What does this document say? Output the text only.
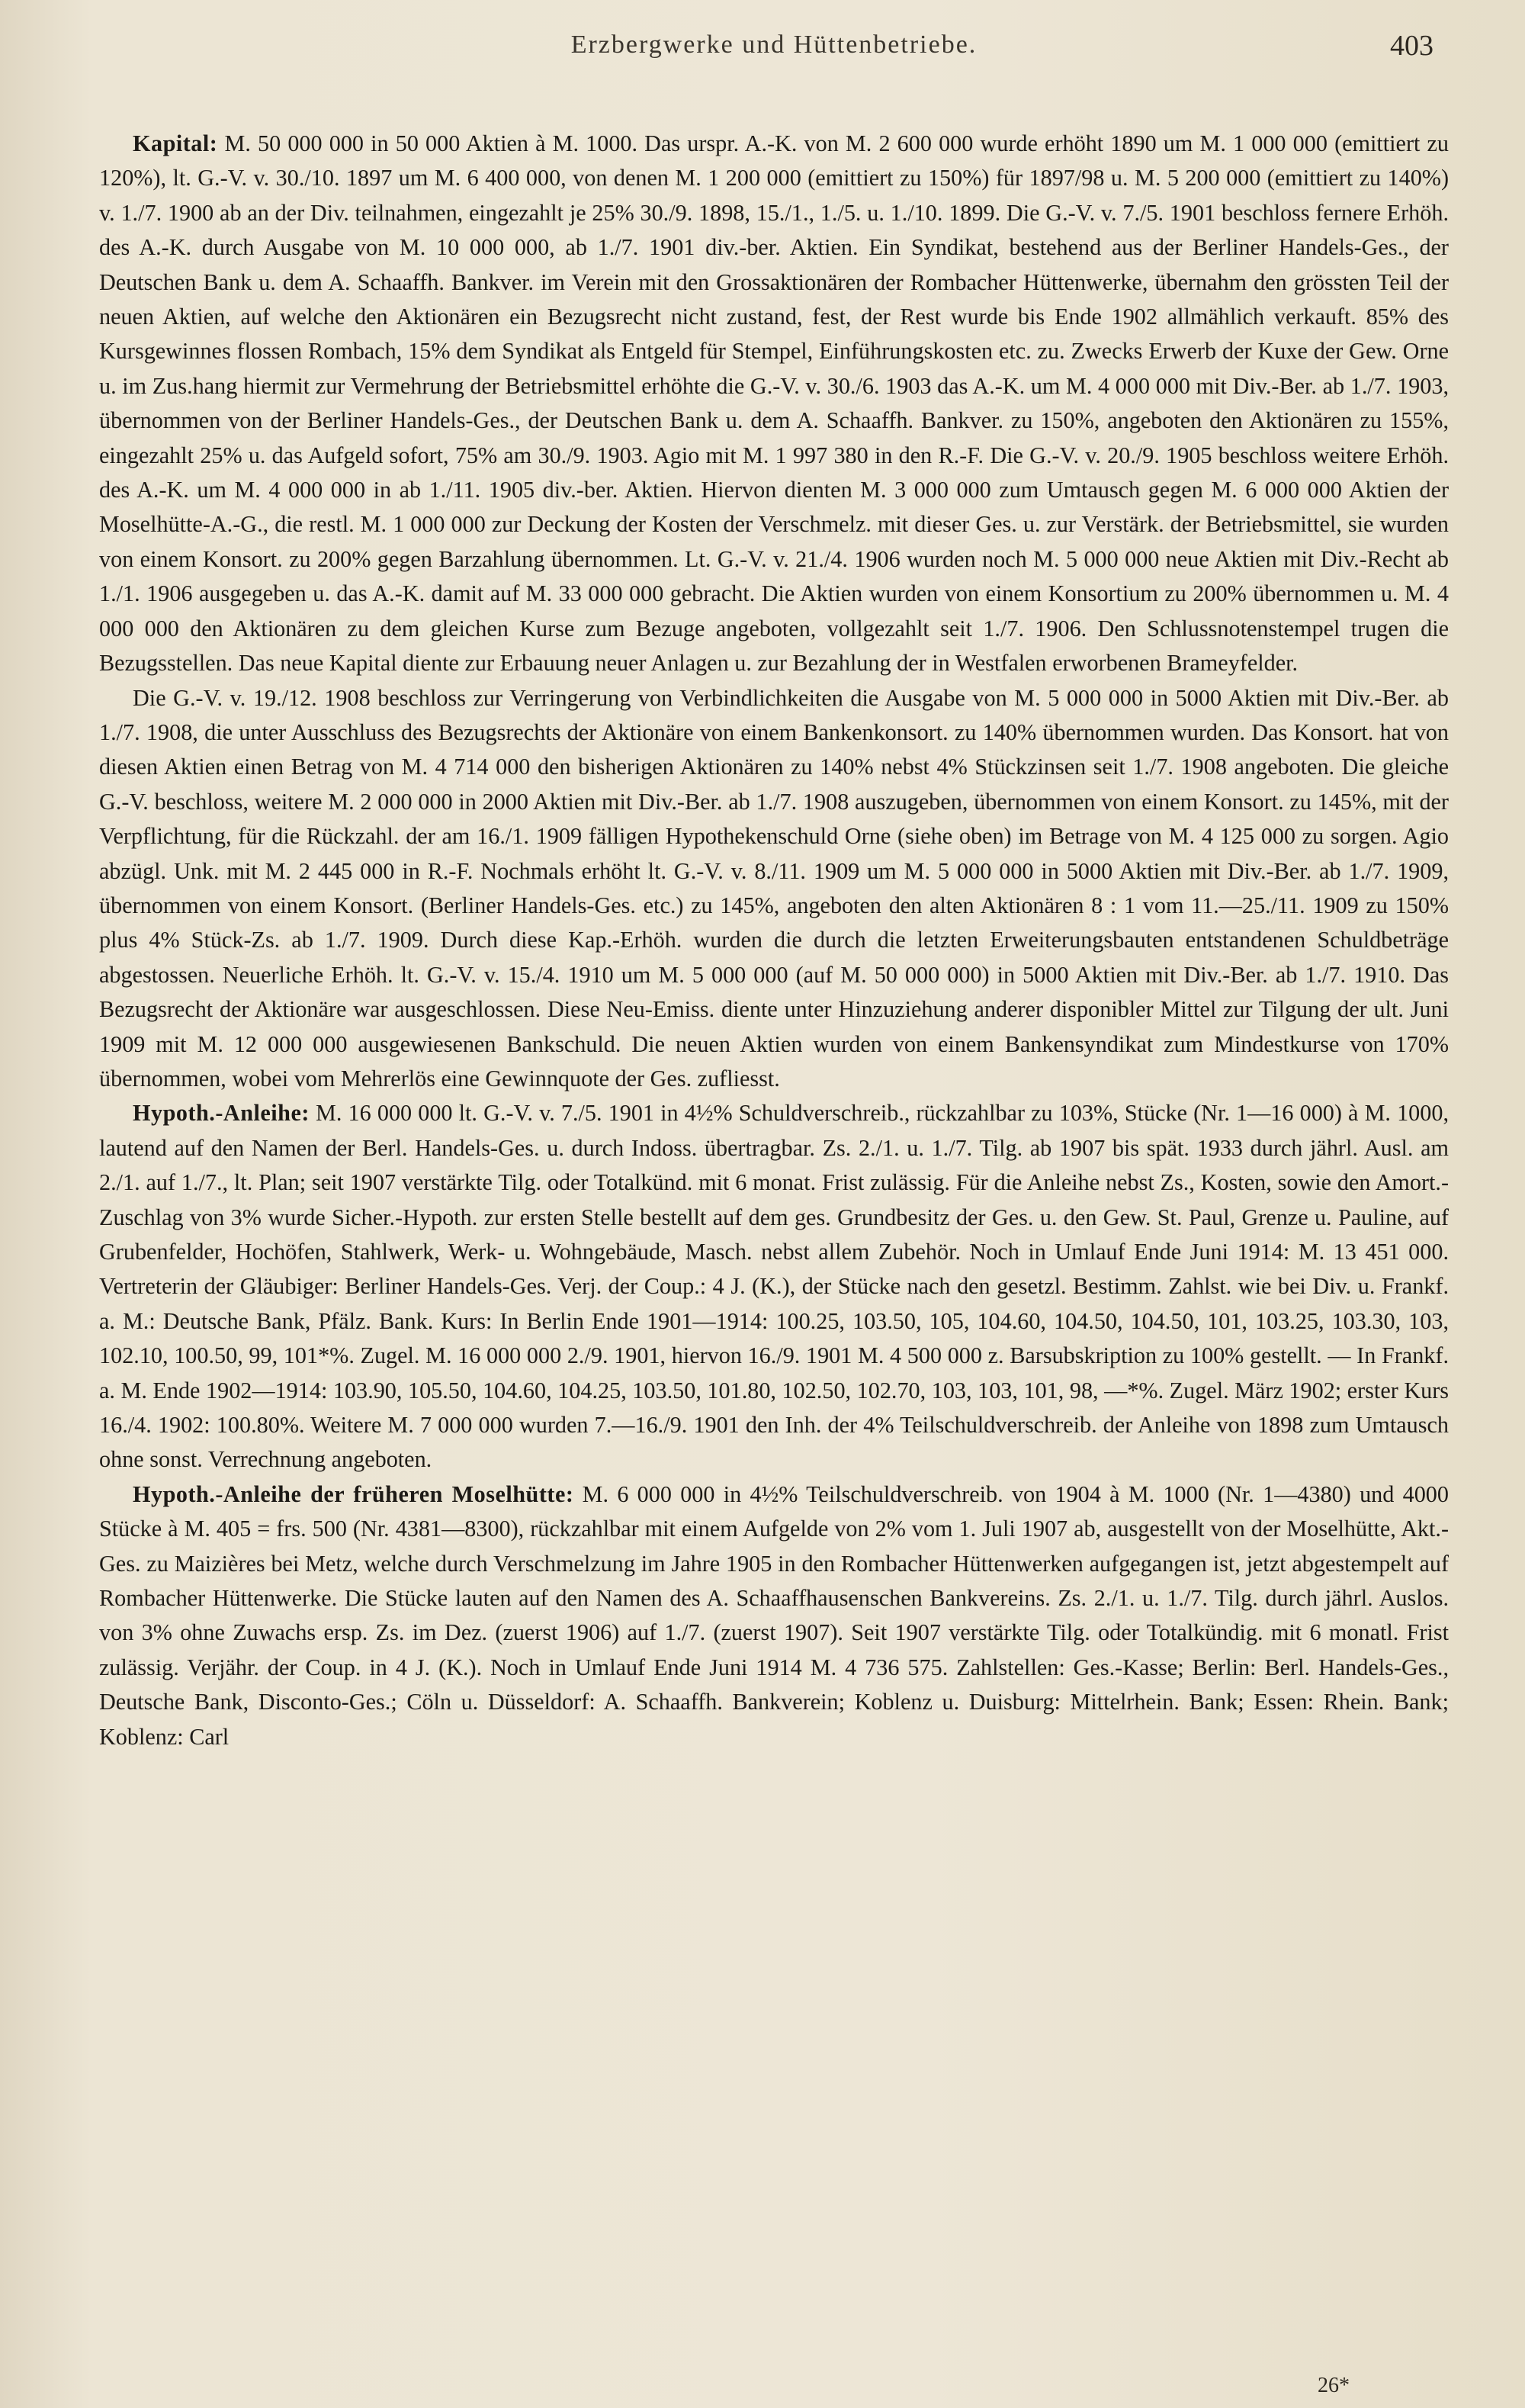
Erzbergwerke und Hüttenbetriebe.	403

Kapital: M. 50 000 000 in 50 000 Aktien à M. 1000. Das urspr. A.-K. von M. 2 600 000 wurde erhöht 1890 um M. 1 000 000 (emittiert zu 120%), lt. G.-V. v. 30./10. 1897 um M. 6 400 000, von denen M. 1 200 000 (emittiert zu 150%) für 1897/98 u. M. 5 200 000 (emittiert zu 140%) v. 1./7. 1900 ab an der Div. teilnahmen, eingezahlt je 25% 30./9. 1898, 15./1., 1./5. u. 1./10. 1899. Die G.-V. v. 7./5. 1901 beschloss fernere Erhöh. des A.-K. durch Ausgabe von M. 10 000 000, ab 1./7. 1901 div.-ber. Aktien. Ein Syndikat, bestehend aus der Berliner Handels-Ges., der Deutschen Bank u. dem A. Schaaffh. Bankver. im Verein mit den Grossaktionären der Rombacher Hüttenwerke, übernahm den grössten Teil der neuen Aktien, auf welche den Aktionären ein Bezugsrecht nicht zustand, fest, der Rest wurde bis Ende 1902 allmählich verkauft. 85% des Kursgewinnes flossen Rombach, 15% dem Syndikat als Entgeld für Stempel, Einführungskosten etc. zu. Zwecks Erwerb der Kuxe der Gew. Orne u. im Zus.hang hiermit zur Vermehrung der Betriebsmittel erhöhte die G.-V. v. 30./6. 1903 das A.-K. um M. 4 000 000 mit Div.-Ber. ab 1./7. 1903, übernommen von der Berliner Handels-Ges., der Deutschen Bank u. dem A. Schaaffh. Bankver. zu 150%, angeboten den Aktionären zu 155%, eingezahlt 25% u. das Aufgeld sofort, 75% am 30./9. 1903. Agio mit M. 1 997 380 in den R.-F. Die G.-V. v. 20./9. 1905 beschloss weitere Erhöh. des A.-K. um M. 4 000 000 in ab 1./11. 1905 div.-ber. Aktien. Hiervon dienten M. 3 000 000 zum Umtausch gegen M. 6 000 000 Aktien der Moselhütte-A.-G., die restl. M. 1 000 000 zur Deckung der Kosten der Verschmelz. mit dieser Ges. u. zur Verstärk. der Betriebsmittel, sie wurden von einem Konsort. zu 200% gegen Barzahlung übernommen. Lt. G.-V. v. 21./4. 1906 wurden noch M. 5 000 000 neue Aktien mit Div.-Recht ab 1./1. 1906 ausgegeben u. das A.-K. damit auf M. 33 000 000 gebracht. Die Aktien wurden von einem Konsortium zu 200% übernommen u. M. 4 000 000 den Aktionären zu dem gleichen Kurse zum Bezuge angeboten, vollgezahlt seit 1./7. 1906. Den Schlussnotenstempel trugen die Bezugsstellen. Das neue Kapital diente zur Erbauung neuer Anlagen u. zur Bezahlung der in Westfalen erworbenen Brameyfelder.

Die G.-V. v. 19./12. 1908 beschloss zur Verringerung von Verbindlichkeiten die Ausgabe von M. 5 000 000 in 5000 Aktien mit Div.-Ber. ab 1./7. 1908, die unter Ausschluss des Bezugsrechts der Aktionäre von einem Bankenkonsort. zu 140% übernommen wurden. Das Konsort. hat von diesen Aktien einen Betrag von M. 4 714 000 den bisherigen Aktionären zu 140% nebst 4% Stückzinsen seit 1./7. 1908 angeboten. Die gleiche G.-V. beschloss, weitere M. 2 000 000 in 2000 Aktien mit Div.-Ber. ab 1./7. 1908 auszugeben, übernommen von einem Konsort. zu 145%, mit der Verpflichtung, für die Rückzahl. der am 16./1. 1909 fälligen Hypothekenschuld Orne (siehe oben) im Betrage von M. 4 125 000 zu sorgen. Agio abzügl. Unk. mit M. 2 445 000 in R.-F. Nochmals erhöht lt. G.-V. v. 8./11. 1909 um M. 5 000 000 in 5000 Aktien mit Div.-Ber. ab 1./7. 1909, übernommen von einem Konsort. (Berliner Handels-Ges. etc.) zu 145%, angeboten den alten Aktionären 8 : 1 vom 11.—25./11. 1909 zu 150% plus 4% Stück-Zs. ab 1./7. 1909. Durch diese Kap.-Erhöh. wurden die durch die letzten Erweiterungsbauten entstandenen Schuldbeträge abgestossen. Neuerliche Erhöh. lt. G.-V. v. 15./4. 1910 um M. 5 000 000 (auf M. 50 000 000) in 5000 Aktien mit Div.-Ber. ab 1./7. 1910. Das Bezugsrecht der Aktionäre war ausgeschlossen. Diese Neu-Emiss. diente unter Hinzuziehung anderer disponibler Mittel zur Tilgung der ult. Juni 1909 mit M. 12 000 000 ausgewiesenen Bankschuld. Die neuen Aktien wurden von einem Bankensyndikat zum Mindestkurse von 170% übernommen, wobei vom Mehrerlös eine Gewinnquote der Ges. zufliesst.

Hypoth.-Anleihe: M. 16 000 000 lt. G.-V. v. 7./5. 1901 in 4½% Schuldverschreib., rückzahlbar zu 103%, Stücke (Nr. 1—16 000) à M. 1000, lautend auf den Namen der Berl. Handels-Ges. u. durch Indoss. übertragbar. Zs. 2./1. u. 1./7. Tilg. ab 1907 bis spät. 1933 durch jährl. Ausl. am 2./1. auf 1./7., lt. Plan; seit 1907 verstärkte Tilg. oder Totalkünd. mit 6 monat. Frist zulässig. Für die Anleihe nebst Zs., Kosten, sowie den Amort.-Zuschlag von 3% wurde Sicher.-Hypoth. zur ersten Stelle bestellt auf dem ges. Grundbesitz der Ges. u. den Gew. St. Paul, Grenze u. Pauline, auf Grubenfelder, Hochöfen, Stahlwerk, Werk- u. Wohngebäude, Masch. nebst allem Zubehör. Noch in Umlauf Ende Juni 1914: M. 13 451 000. Vertreterin der Gläubiger: Berliner Handels-Ges. Verj. der Coup.: 4 J. (K.), der Stücke nach den gesetzl. Bestimm. Zahlst. wie bei Div. u. Frankf. a. M.: Deutsche Bank, Pfälz. Bank. Kurs: In Berlin Ende 1901—1914: 100.25, 103.50, 105, 104.60, 104.50, 104.50, 101, 103.25, 103.30, 103, 102.10, 100.50, 99, 101*%. Zugel. M. 16 000 000 2./9. 1901, hiervon 16./9. 1901 M. 4 500 000 z. Barsubskription zu 100% gestellt. — In Frankf. a. M. Ende 1902—1914: 103.90, 105.50, 104.60, 104.25, 103.50, 101.80, 102.50, 102.70, 103, 103, 101, 98, —*%. Zugel. März 1902; erster Kurs 16./4. 1902: 100.80%. Weitere M. 7 000 000 wurden 7.—16./9. 1901 den Inh. der 4% Teilschuldverschreib. der Anleihe von 1898 zum Umtausch ohne sonst. Verrechnung angeboten.

Hypoth.-Anleihe der früheren Moselhütte: M. 6 000 000 in 4½% Teilschuldverschreib. von 1904 à M. 1000 (Nr. 1—4380) und 4000 Stücke à M. 405 = frs. 500 (Nr. 4381—8300), rückzahlbar mit einem Aufgelde von 2% vom 1. Juli 1907 ab, ausgestellt von der Moselhütte, Akt.-Ges. zu Maizières bei Metz, welche durch Verschmelzung im Jahre 1905 in den Rombacher Hüttenwerken aufgegangen ist, jetzt abgestempelt auf Rombacher Hüttenwerke. Die Stücke lauten auf den Namen des A. Schaaffhausenschen Bankvereins. Zs. 2./1. u. 1./7. Tilg. durch jährl. Auslos. von 3% ohne Zuwachs ersp. Zs. im Dez. (zuerst 1906) auf 1./7. (zuerst 1907). Seit 1907 verstärkte Tilg. oder Totalkündig. mit 6 monatl. Frist zulässig. Verjähr. der Coup. in 4 J. (K.). Noch in Umlauf Ende Juni 1914 M. 4 736 575. Zahlstellen: Ges.-Kasse; Berlin: Berl. Handels-Ges., Deutsche Bank, Disconto-Ges.; Cöln u. Düsseldorf: A. Schaaffh. Bankverein; Koblenz u. Duisburg: Mittelrhein. Bank; Essen: Rhein. Bank; Koblenz: Carl

26*
